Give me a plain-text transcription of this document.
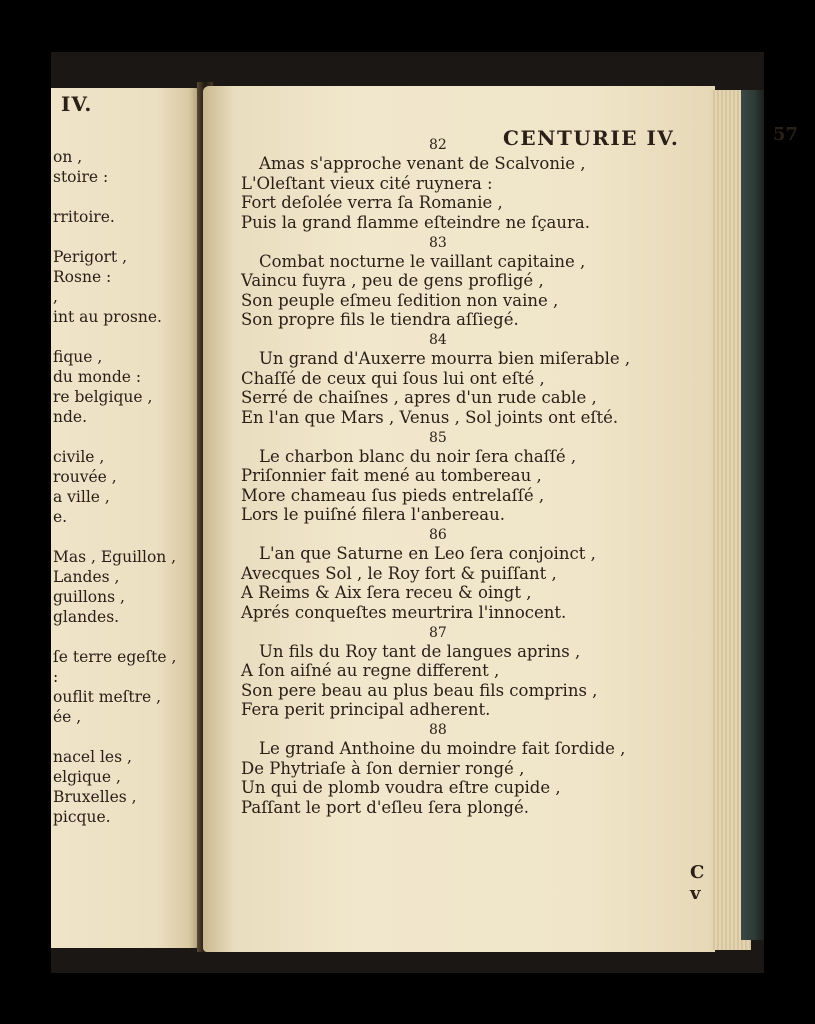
IV.
on ,
stoire :
rritoire.
Perigort ,
Rosne :
,
int au prosne.
fique ,
du monde :
re belgique ,
nde.
civile ,
rouvée ,
a ville ,
e.
Mas , Eguillon ,
Landes ,
guillons ,
glandes.
ſe terre egeſte ,
:
ouflit meſtre ,
ée ,
nacel les ,
elgique ,
Bruxelles ,
picque.
CENTURIE IV.	57
82
Amas s'approche venant de Scalvonie ,
L'Oleſtant vieux cité ruynera :
Fort deſolée verra ſa Romanie ,
Puis la grand flamme eſteindre ne ſçaura.
83
Combat nocturne le vaillant capitaine ,
Vaincu fuyra , peu de gens profligé ,
Son peuple eſmeu ſedition non vaine ,
Son propre fils le tiendra aſſiegé.
84
Un grand d'Auxerre mourra bien miſerable ,
Chaſſé de ceux qui ſous lui ont eſté ,
Serré de chaiſnes , apres d'un rude cable ,
En l'an que Mars , Venus , Sol joints ont eſté.
85
Le charbon blanc du noir ſera chaſſé ,
Priſonnier fait mené au tombereau ,
More chameau ſus pieds entrelaſſé ,
Lors le puiſné filera l'anbereau.
86
L'an que Saturne en Leo ſera conjoinct ,
Avecques Sol , le Roy fort & puiſſant ,
A Reims & Aix ſera receu & oingt ,
Aprés conqueſtes meurtrira l'innocent.
87
Un fils du Roy tant de langues aprins ,
A ſon aiſné au regne different ,
Son pere beau au plus beau fils comprins ,
Fera perit principal adherent.
88
Le grand Anthoine du moindre fait ſordide ,
De Phytriaſe à ſon dernier rongé ,
Un qui de plomb voudra eſtre cupide ,
Paſſant le port d'eſleu ſera plongé.
C v
